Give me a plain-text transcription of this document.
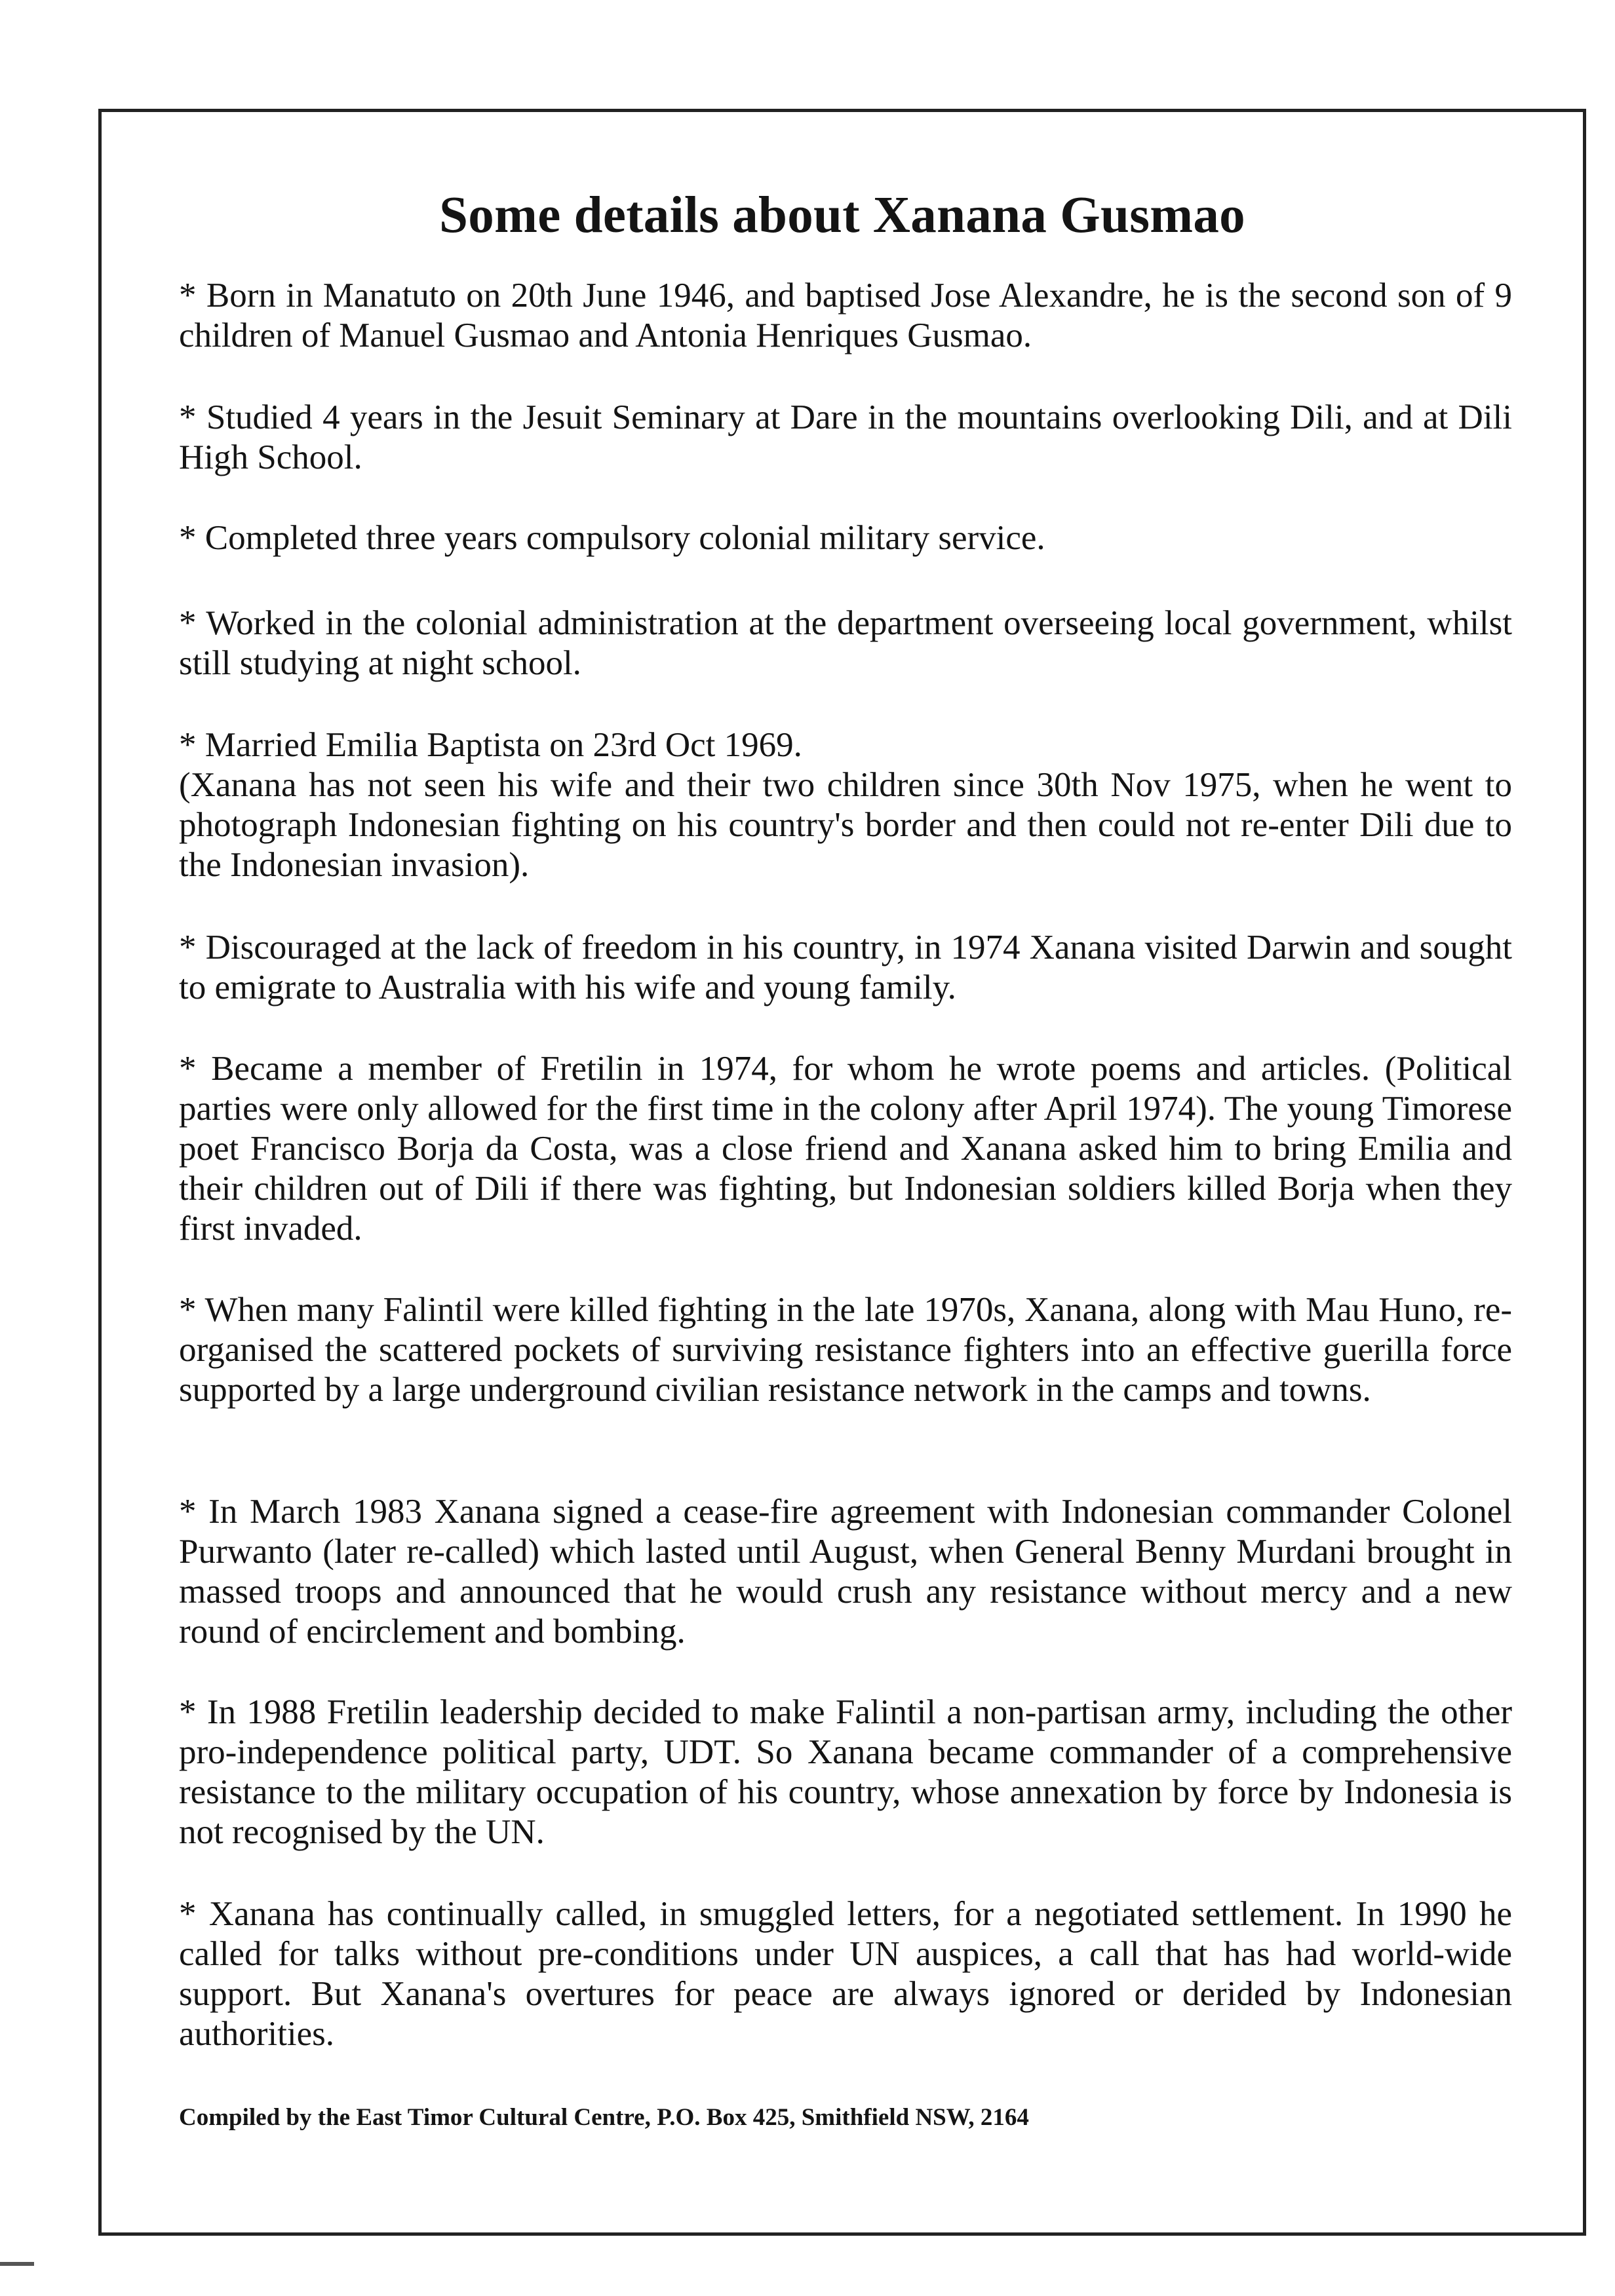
Some details about Xanana Gusmao

* Born in Manatuto on 20th June 1946, and baptised Jose Alexandre, he is the second son of 9 children of Manuel Gusmao and Antonia Henriques Gusmao.

* Studied 4 years in the Jesuit Seminary at Dare in the mountains overlooking Dili, and at Dili High School.

* Completed three years compulsory colonial military service.

* Worked in the colonial administration at the department overseeing local government, whilst still studying at night school.

* Married Emilia Baptista on 23rd Oct 1969.
(Xanana has not seen his wife and their two children since 30th Nov 1975, when he went to photograph Indonesian fighting on his country's border and then could not re-enter Dili due to the Indonesian invasion).

* Discouraged at the lack of freedom in his country, in 1974 Xanana visited Darwin and sought to emigrate to Australia with his wife and young family.

* Became a member of Fretilin in 1974, for whom he wrote poems and articles. (Political parties were only allowed for the first time in the colony after April 1974). The young Timorese poet Francisco Borja da Costa, was a close friend and Xanana asked him to bring Emilia and their children out of Dili if there was fighting, but Indonesian soldiers killed Borja when they first invaded.

* When many Falintil were killed fighting in the late 1970s, Xanana, along with Mau Huno, re-organised the scattered pockets of surviving resistance fighters into an effective guerilla force supported by a large underground civilian resistance network in the camps and towns.

* In March 1983 Xanana signed a cease-fire agreement with Indonesian commander Colonel Purwanto (later re-called) which lasted until August, when General Benny Murdani brought in massed troops and announced that he would crush any resistance without mercy and a new round of encirclement and bombing.

* In 1988 Fretilin leadership decided to make Falintil a non-partisan army, including the other pro-independence political party, UDT. So Xanana became commander of a comprehensive resistance to the military occupation of his country, whose annexation by force by Indonesia is not recognised by the UN.

* Xanana has continually called, in smuggled letters, for a negotiated settlement. In 1990 he called for talks without pre-conditions under UN auspices, a call that has had world-wide support. But Xanana's overtures for peace are always ignored or derided by Indonesian authorities.

Compiled by the East Timor Cultural Centre, P.O. Box 425, Smithfield NSW, 2164
